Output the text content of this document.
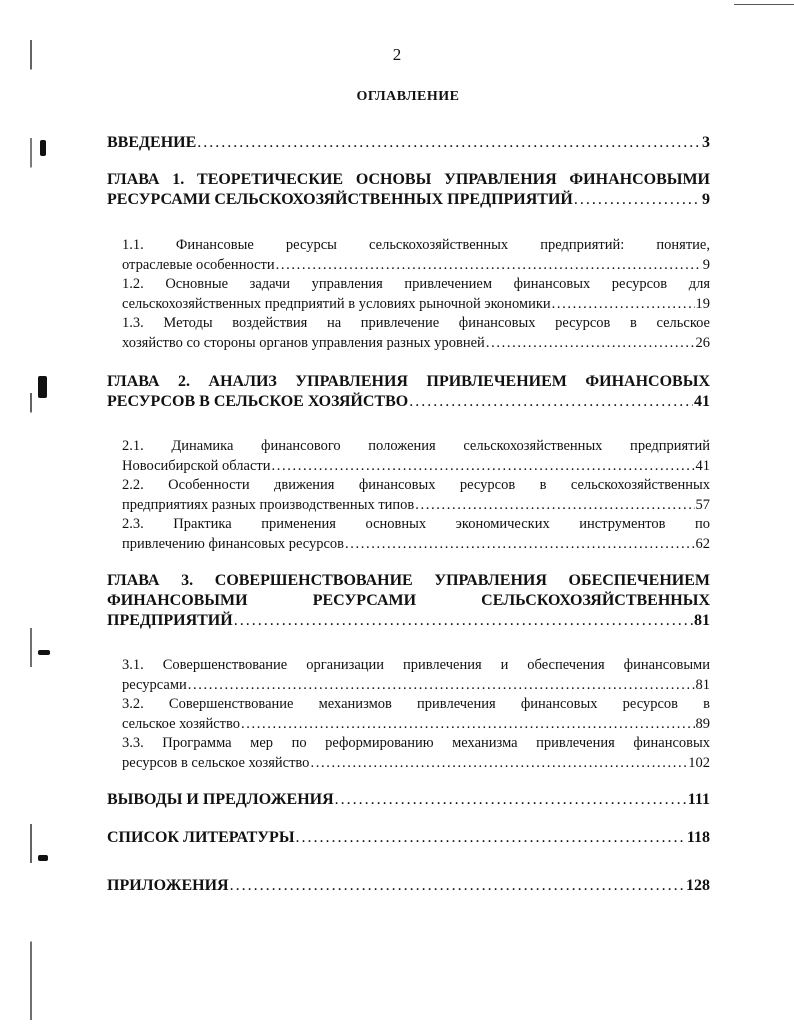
2
ОГЛАВЛЕНИЕ
ВВЕДЕНИЕ . . .	3
ГЛАВА 1. ТЕОРЕТИЧЕСКИЕ ОСНОВЫ УПРАВЛЕНИЯ ФИНАНСОВЫМИ
РЕСУРСАМИ СЕЛЬСКОХОЗЯЙСТВЕННЫХ ПРЕДПРИЯТИЙ . . .	9
1.1. Финансовые ресурсы сельскохозяйственных предприятий: понятие,
отраслевые особенности . . .	9
1.2. Основные задачи управления привлечением финансовых ресурсов для
сельскохозяйственных предприятий в условиях рыночной экономики . . .	19
1.3. Методы воздействия на привлечение финансовых ресурсов в сельское
хозяйство со стороны органов управления разных уровней . . .	26
ГЛАВА 2. АНАЛИЗ УПРАВЛЕНИЯ ПРИВЛЕЧЕНИЕМ ФИНАНСОВЫХ
РЕСУРСОВ В СЕЛЬСКОЕ ХОЗЯЙСТВО . . .	41
2.1. Динамика финансового положения сельскохозяйственных предприятий
Новосибирской области . . .	41
2.2. Особенности движения финансовых ресурсов в сельскохозяйственных
предприятиях разных производственных типов . . .	57
2.3. Практика применения основных экономических инструментов по
привлечению финансовых ресурсов . . .	62
ГЛАВА 3. СОВЕРШЕНСТВОВАНИЕ УПРАВЛЕНИЯ ОБЕСПЕЧЕНИЕМ
ФИНАНСОВЫМИ РЕСУРСАМИ СЕЛЬСКОХОЗЯЙСТВЕННЫХ
ПРЕДПРИЯТИЙ . . .	81
3.1. Совершенствование организации привлечения и обеспечения финансовыми
ресурсами . . .	81
3.2. Совершенствование механизмов привлечения финансовых ресурсов в
сельское хозяйство . . .	89
3.3. Программа мер по реформированию механизма привлечения финансовых
ресурсов в сельское хозяйство . . .	102
ВЫВОДЫ И ПРЕДЛОЖЕНИЯ . . .	111
СПИСОК ЛИТЕРАТУРЫ . . .	118
ПРИЛОЖЕНИЯ . . .	128
